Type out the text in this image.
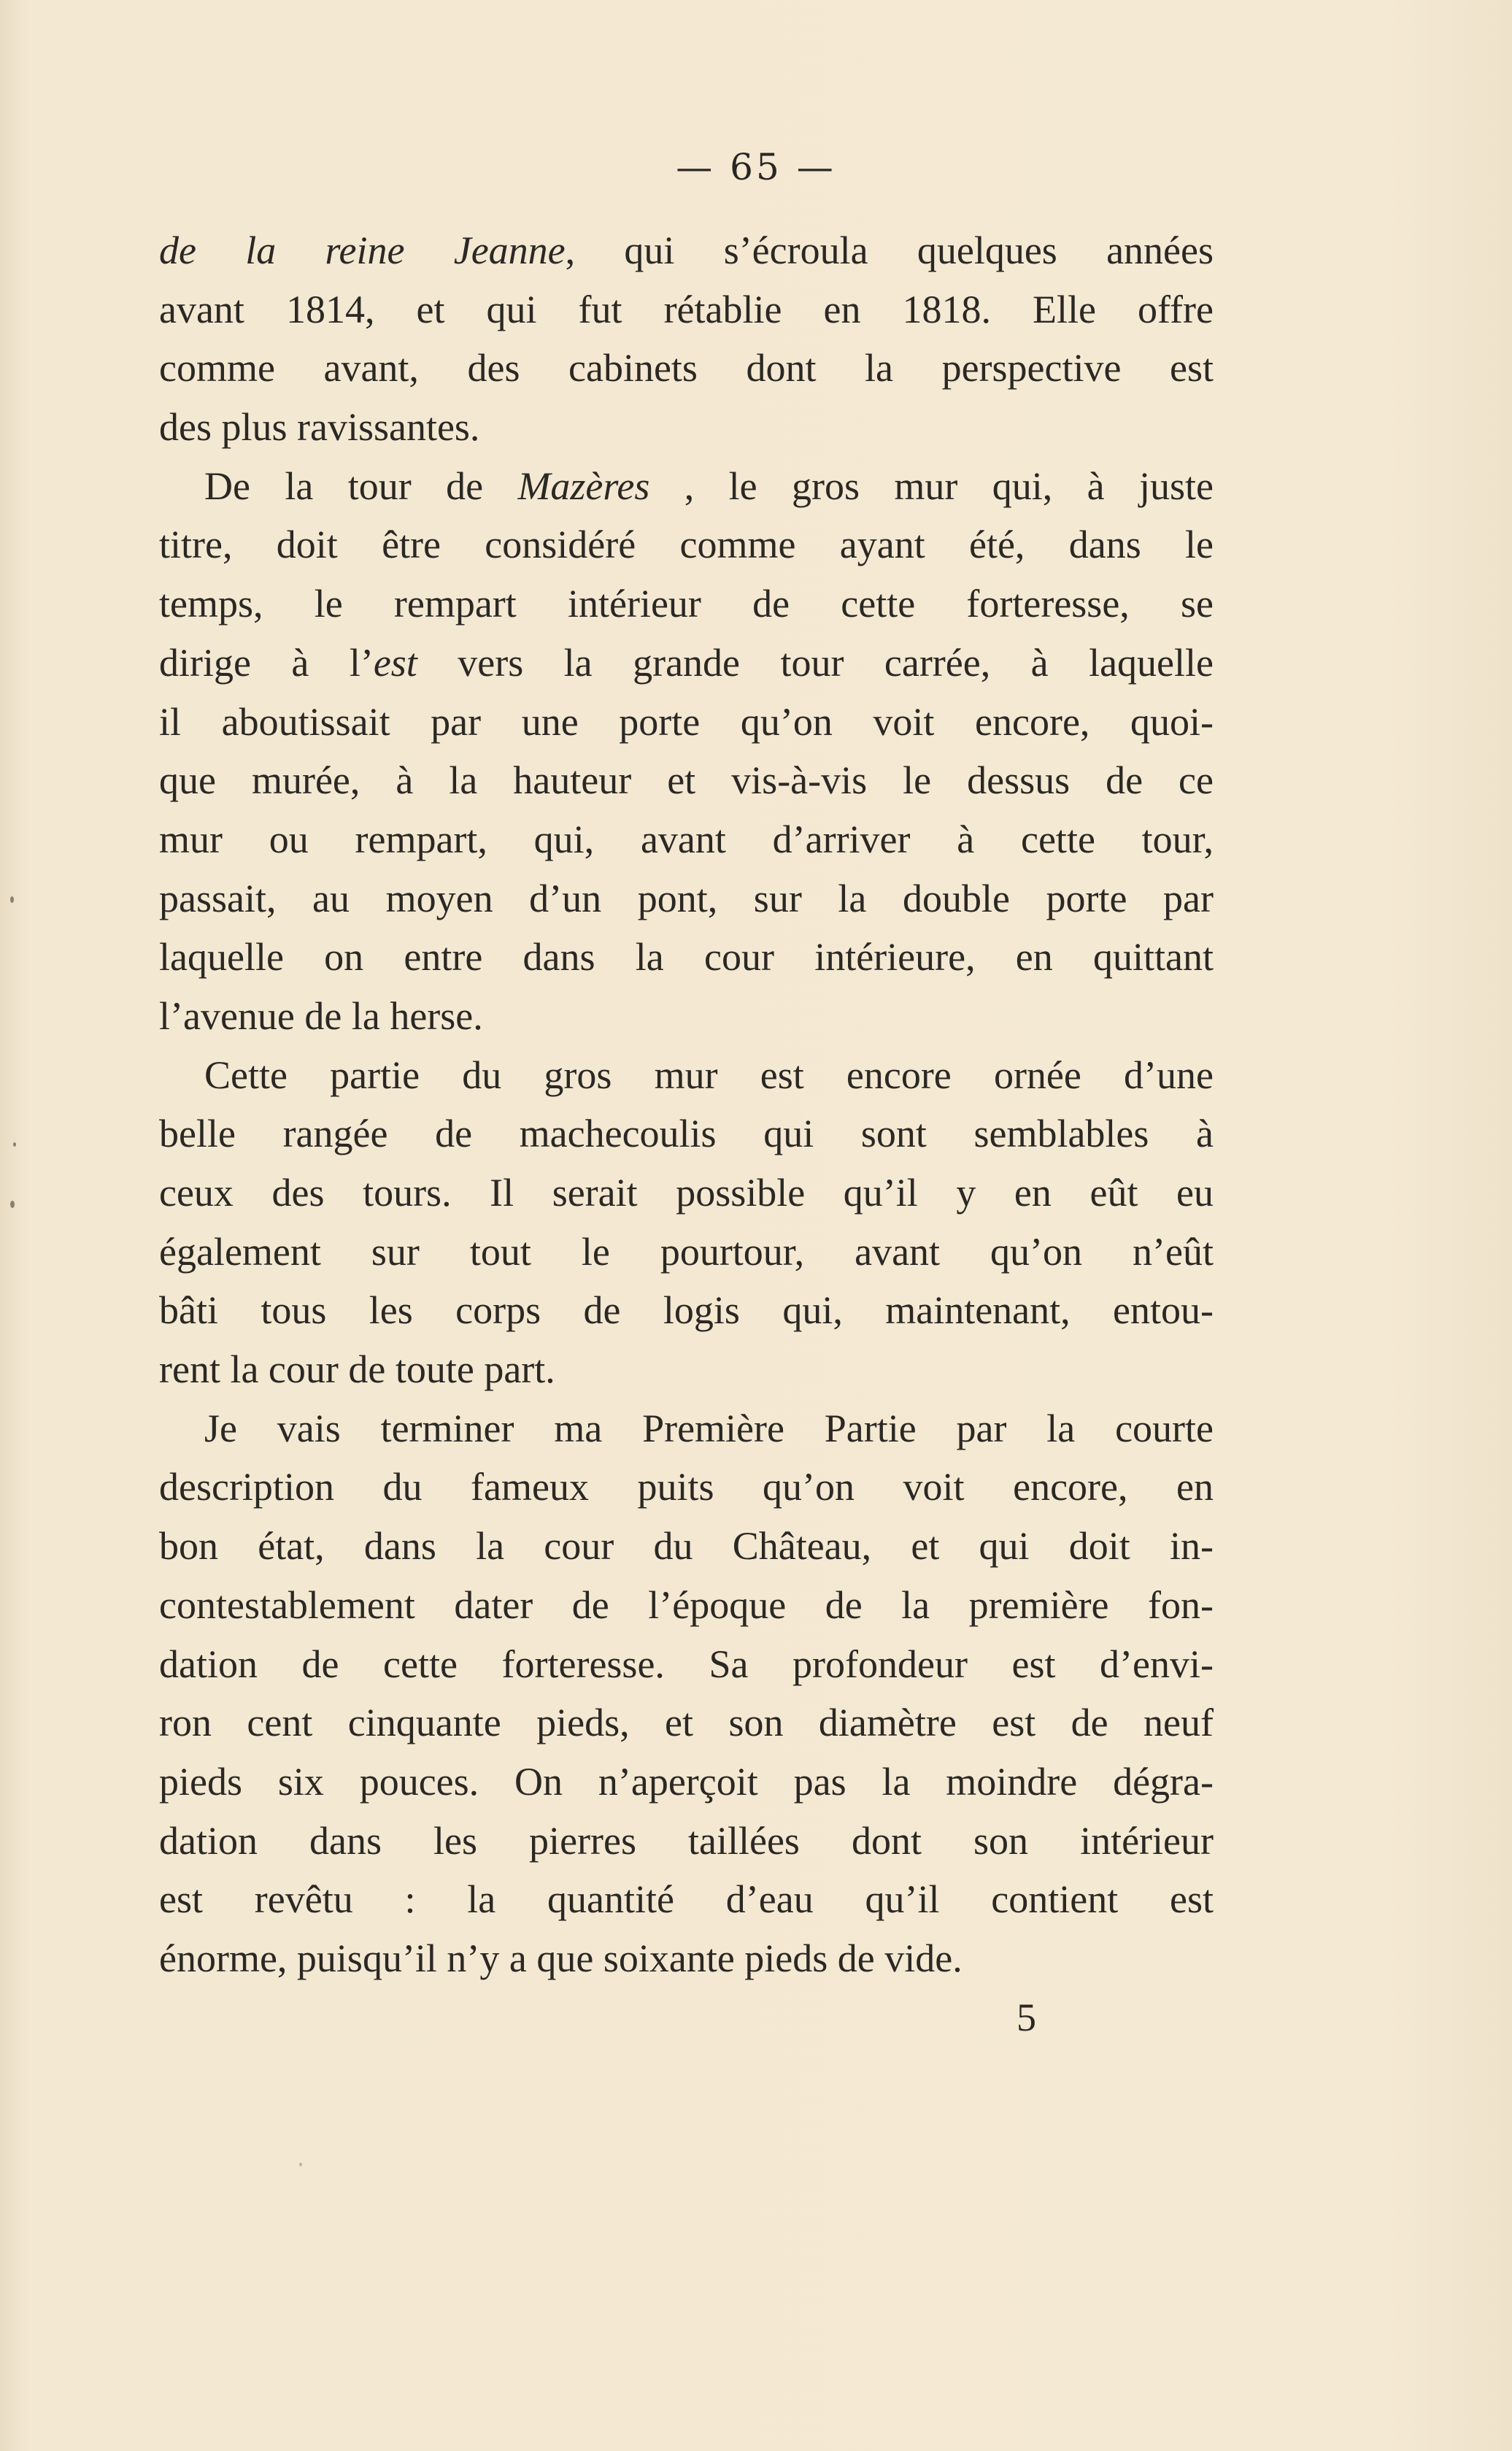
— 65 —
de la reine Jeanne, qui s’écroula quelques années
avant 1814, et qui fut rétablie en 1818. Elle offre
comme avant, des cabinets dont la perspective est
des plus ravissantes.
De la tour de Mazères , le gros mur qui, à juste
titre, doit être considéré comme ayant été, dans le
temps, le rempart intérieur de cette forteresse, se
dirige à l’est vers la grande tour carrée, à laquelle
il aboutissait par une porte qu’on voit encore, quoi-
que murée, à la hauteur et vis-à-vis le dessus de ce
mur ou rempart, qui, avant d’arriver à cette tour,
passait, au moyen d’un pont, sur la double porte par
laquelle on entre dans la cour intérieure, en quittant
l’avenue de la herse.
Cette partie du gros mur est encore ornée d’une
belle rangée de machecoulis qui sont semblables à
ceux des tours. Il serait possible qu’il y en eût eu
également sur tout le pourtour, avant qu’on n’eût
bâti tous les corps de logis qui, maintenant, entou-
rent la cour de toute part.
Je vais terminer ma Première Partie par la courte
description du fameux puits qu’on voit encore, en
bon état, dans la cour du Château, et qui doit in-
contestablement dater de l’époque de la première fon-
dation de cette forteresse. Sa profondeur est d’envi-
ron cent cinquante pieds, et son diamètre est de neuf
pieds six pouces. On n’aperçoit pas la moindre dégra-
dation dans les pierres taillées dont son intérieur
est revêtu : la quantité d’eau qu’il contient est
énorme, puisqu’il n’y a que soixante pieds de vide.
5
